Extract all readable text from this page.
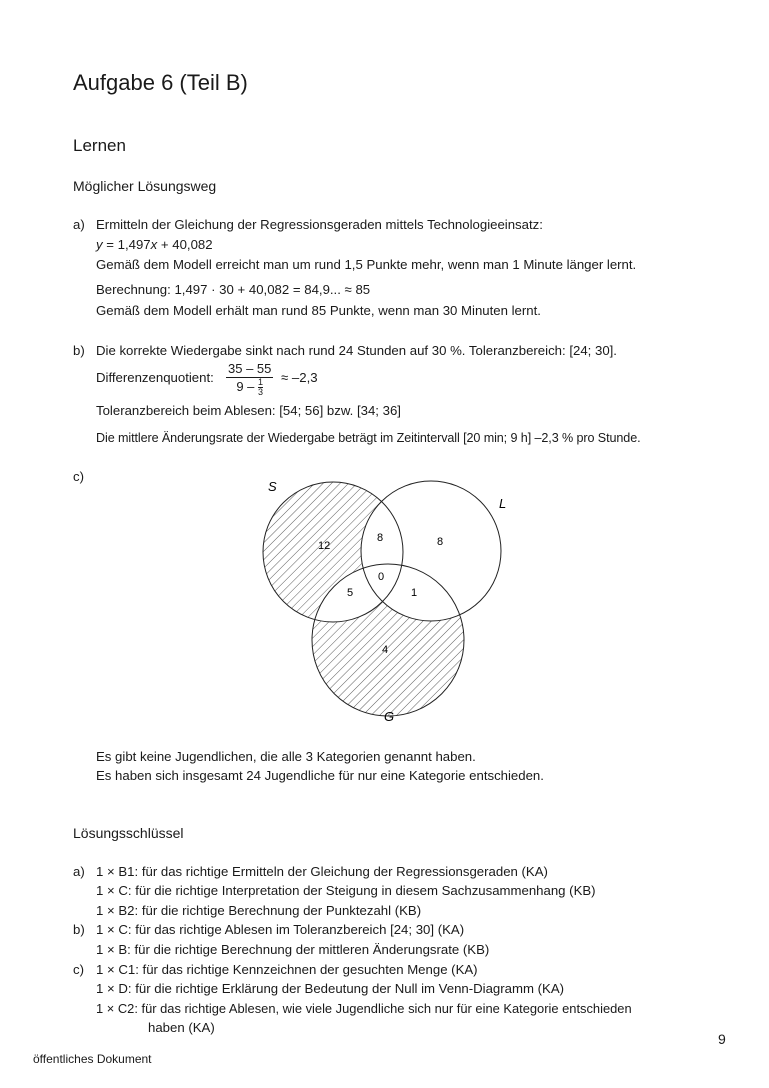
Aufgabe 6 (Teil B)
Lernen
Möglicher Lösungsweg
a) Ermitteln der Gleichung der Regressionsgeraden mittels Technologieeinsatz:
y = 1,497x + 40,082
Gemäß dem Modell erreicht man um rund 1,5 Punkte mehr, wenn man 1 Minute länger lernt.
Berechnung: 1,497 · 30 + 40,082 = 84,9... ≈ 85
Gemäß dem Modell erhält man rund 85 Punkte, wenn man 30 Minuten lernt.
b) Die korrekte Wiedergabe sinkt nach rund 24 Stunden auf 30 %. Toleranzbereich: [24; 30].
Differenzenquotient: $\frac{35 - 55}{9 - \frac{1}{3}} \approx -2,3$
Toleranzbereich beim Ablesen: [54; 56] bzw. [34; 36]
Die mittlere Änderungsrate der Wiedergabe beträgt im Zeitintervall [20 min; 9 h] –2,3 % pro Stunde.
c)
S
L
G
12
8	8
0
5	1
4
Es gibt keine Jugendlichen, die alle 3 Kategorien genannt haben.
Es haben sich insgesamt 24 Jugendliche für nur eine Kategorie entschieden.
Lösungsschlüssel
a) 1 × B1: für das richtige Ermitteln der Gleichung der Regressionsgeraden (KA)
1 × C: für die richtige Interpretation der Steigung in diesem Sachzusammenhang (KB)
1 × B2: für die richtige Berechnung der Punktezahl (KB)
b) 1 × C: für das richtige Ablesen im Toleranzbereich [24; 30] (KA)
1 × B: für die richtige Berechnung der mittleren Änderungsrate (KB)
c) 1 × C1: für das richtige Kennzeichnen der gesuchten Menge (KA)
1 × D: für die richtige Erklärung der Bedeutung der Null im Venn-Diagramm (KA)
1 × C2: für das richtige Ablesen, wie viele Jugendliche sich nur für eine Kategorie entschieden
haben (KA)
9
öffentliches Dokument
